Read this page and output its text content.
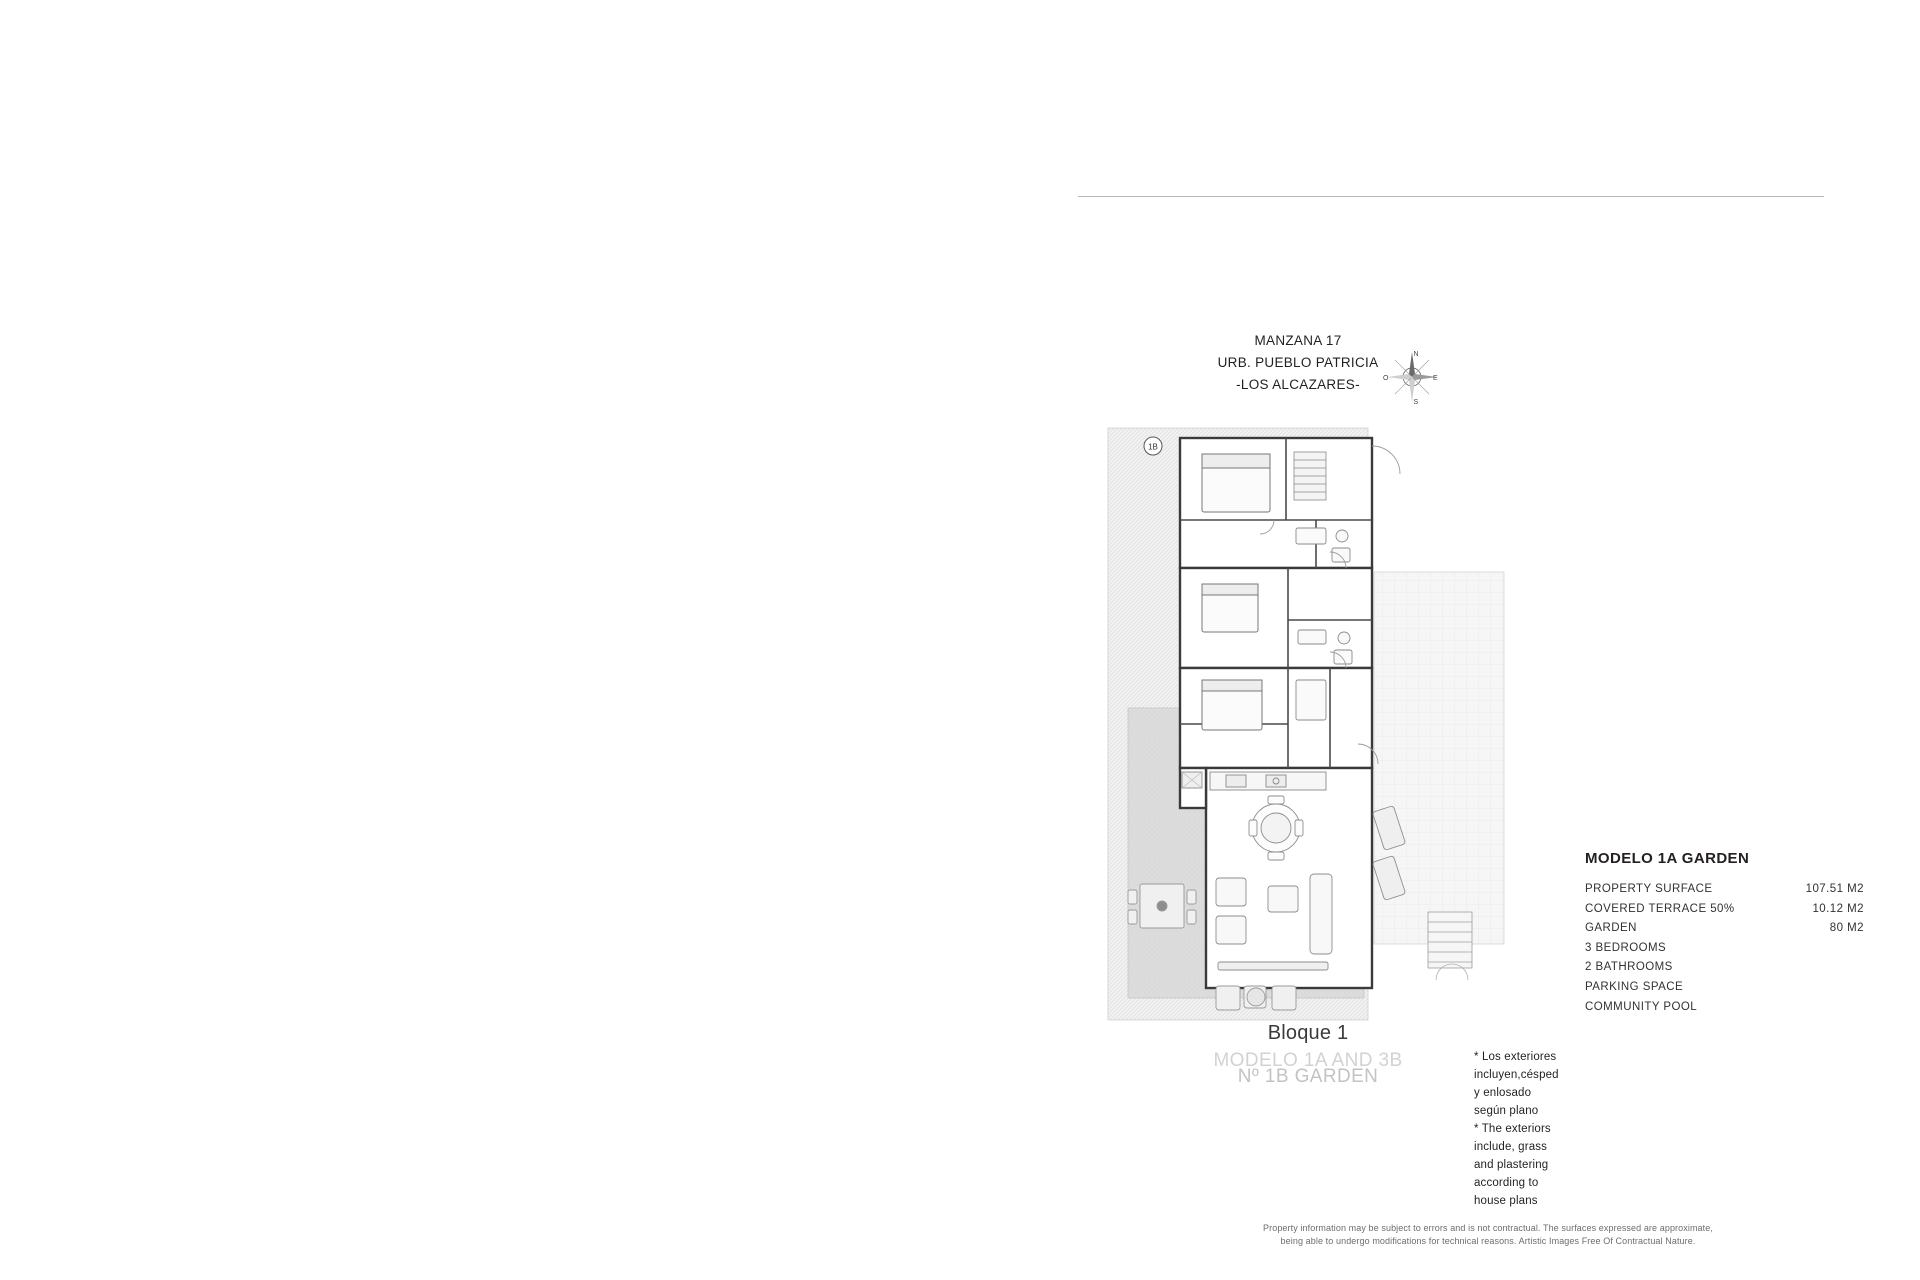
MANZANA 17
URB. PUEBLO PATRICIA
-LOS ALCAZARES-
N
S
O	E
1B
Bloque 1
MODELO 1A AND 3B
Nº 1B GARDEN
MODELO 1A GARDEN
PROPERTY SURFACE	107.51 M2
COVERED TERRACE 50%	10.12 M2
GARDEN	80 M2
3 BEDROOMS
2 BATHROOMS
PARKING SPACE
COMMUNITY POOL
* Los exteriores incluyen,césped y enlosado según plano
* The exteriors include, grass and plastering according to house plans
Property information may be subject to errors and is not contractual. The surfaces expressed are approximate,
being able to undergo modifications for technical reasons. Artistic Images Free Of Contractual Nature.
